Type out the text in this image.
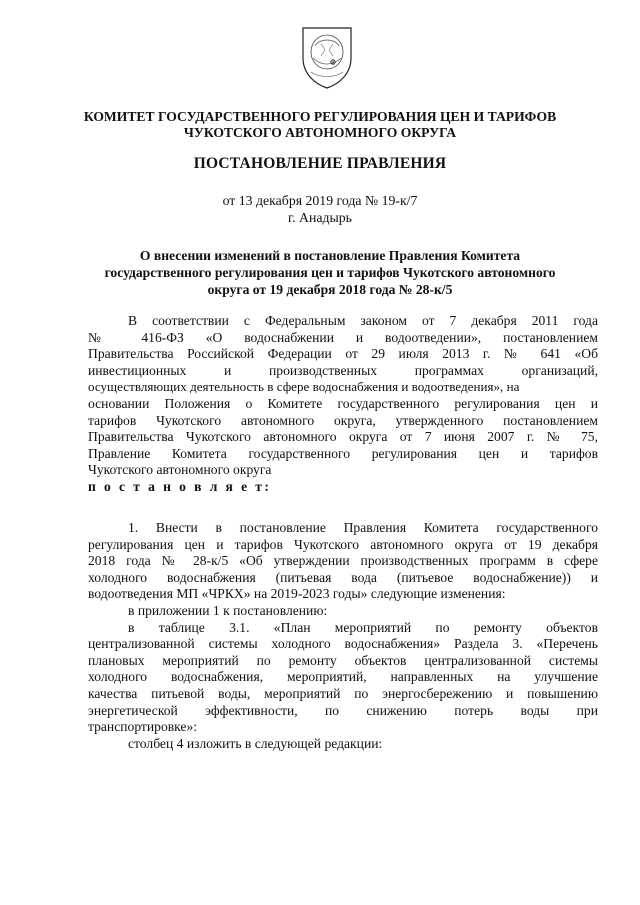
КОМИТЕТ ГОСУДАРСТВЕННОГО РЕГУЛИРОВАНИЯ ЦЕН И ТАРИФОВ
ЧУКОТСКОГО АВТОНОМНОГО ОКРУГА
ПОСТАНОВЛЕНИЕ ПРАВЛЕНИЯ
от 13 декабря 2019 года № 19-к/7
г. Анадырь
О внесении изменений в постановление Правления Комитета
государственного регулирования цен и тарифов Чукотского автономного
округа от 19 декабря 2018 года № 28-к/5
В соответствии с Федеральным законом от 7 декабря 2011 года
№ 416-ФЗ «О водоснабжении и водоотведении», постановлением
Правительства Российской Федерации от 29 июля 2013 г. № 641 «Об
инвестиционных и производственных программах организаций,
осуществляющих деятельность в сфере водоснабжения и водоотведения», на
основании Положения о Комитете государственного регулирования цен и
тарифов Чукотского автономного округа, утвержденного постановлением
Правительства Чукотского автономного округа от 7 июня 2007 г. № 75,
Правление Комитета государственного регулирования цен и тарифов
Чукотского автономного округа
п о с т а н о в л я е т:
1. Внести в постановление Правления Комитета государственного
регулирования цен и тарифов Чукотского автономного округа от 19 декабря
2018 года № 28-к/5 «Об утверждении производственных программ в сфере
холодного водоснабжения (питьевая вода (питьевое водоснабжение)) и
водоотведения МП «ЧРКХ» на 2019-2023 годы» следующие изменения:
в приложении 1 к постановлению:
в таблице 3.1. «План мероприятий по ремонту объектов
централизованной системы холодного водоснабжения» Раздела 3. «Перечень
плановых мероприятий по ремонту объектов централизованной системы
холодного водоснабжения, мероприятий, направленных на улучшение
качества питьевой воды, мероприятий по энергосбережению и повышению
энергетической эффективности, по снижению потерь воды при
транспортировке»:
столбец 4 изложить в следующей редакции:
